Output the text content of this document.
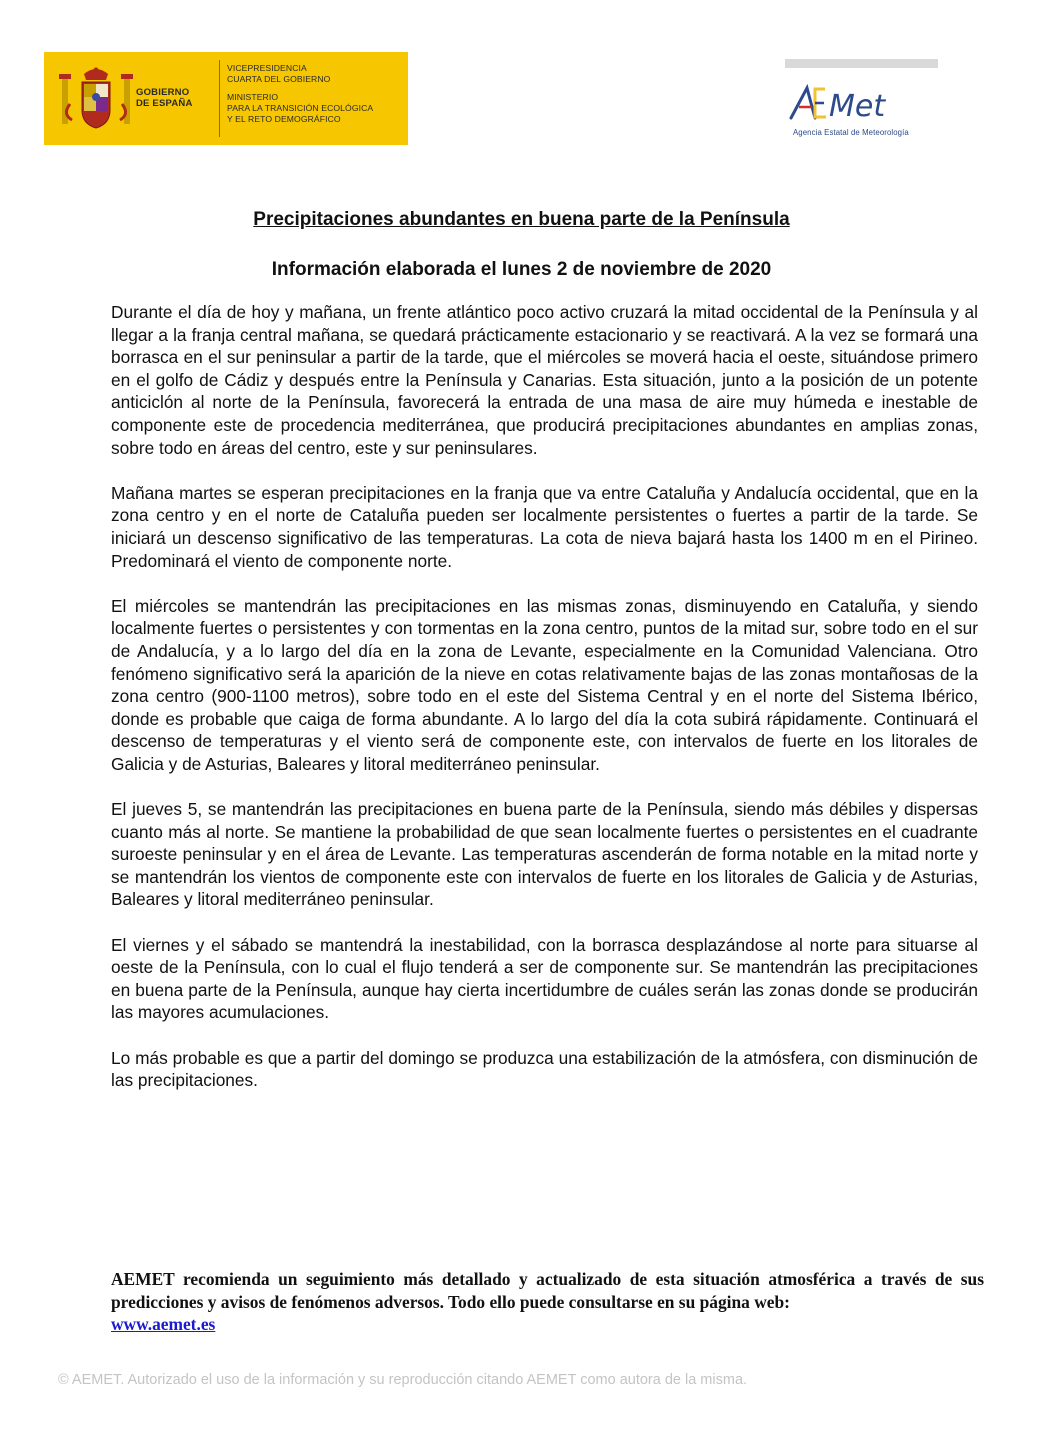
GOBIERNO
DE ESPAÑA
VICEPRESIDENCIA
CUARTA DEL GOBIERNO
MINISTERIO
PARA LA TRANSICIÓN ECOLÓGICA
Y EL RETO DEMOGRÁFICO	Met
Agencia Estatal de Meteorología
Precipitaciones abundantes en buena parte de la Península
Información elaborada el lunes 2 de noviembre de 2020

Durante el día de hoy y mañana, un frente atlántico poco activo cruzará la mitad occidental de la Península y al llegar a la franja central mañana, se quedará prácticamente estacionario y se reactivará. A la vez se formará una borrasca en el sur peninsular a partir de la tarde, que el miércoles se moverá hacia el oeste, situándose primero en el golfo de Cádiz y después entre la Península y Canarias. Esta situación, junto a la posición de un potente anticiclón al norte de la Península, favorecerá la entrada de una masa de aire muy húmeda e inestable de componente este de procedencia mediterránea, que producirá precipitaciones abundantes en amplias zonas, sobre todo en áreas del centro, este y sur peninsulares.

Mañana martes se esperan precipitaciones en la franja que va entre Cataluña y Andalucía occidental, que en la zona centro y en el norte de Cataluña pueden ser localmente persistentes o fuertes a partir de la tarde. Se iniciará un descenso significativo de las temperaturas. La cota de nieva bajará hasta los 1400 m en el Pirineo. Predominará el viento de componente norte.

El miércoles se mantendrán las precipitaciones en las mismas zonas, disminuyendo en Cataluña, y siendo localmente fuertes o persistentes y con tormentas en la zona centro, puntos de la mitad sur, sobre todo en el sur de Andalucía, y a lo largo del día en la zona de Levante, especialmente en la Comunidad Valenciana. Otro fenómeno significativo será la aparición de la nieve en cotas relativamente bajas de las zonas montañosas de la zona centro (900-1100 metros), sobre todo en el este del Sistema Central y en el norte del Sistema Ibérico, donde es probable que caiga de forma abundante. A lo largo del día la cota subirá rápidamente. Continuará el descenso de temperaturas y el viento será de componente este, con intervalos de fuerte en los litorales de Galicia y de Asturias, Baleares y litoral mediterráneo peninsular.

El jueves 5, se mantendrán las precipitaciones en buena parte de la Península, siendo más débiles y dispersas cuanto más al norte. Se mantiene la probabilidad de que sean localmente fuertes o persistentes en el cuadrante suroeste peninsular y en el área de Levante. Las temperaturas ascenderán de forma notable en la mitad norte y se mantendrán los vientos de componente este con intervalos de fuerte en los litorales de Galicia y de Asturias, Baleares y litoral mediterráneo peninsular.

El viernes y el sábado se mantendrá la inestabilidad, con la borrasca desplazándose al norte para situarse al oeste de la Península, con lo cual el flujo tenderá a ser de componente sur. Se mantendrán las precipitaciones en buena parte de la Península, aunque hay cierta incertidumbre de cuáles serán las zonas donde se producirán las mayores acumulaciones.

Lo más probable es que a partir del domingo se produzca una estabilización de la atmósfera, con disminución de las precipitaciones.

AEMET recomienda un seguimiento más detallado y actualizado de esta situación atmosférica a través de sus predicciones y avisos de fenómenos adversos. Todo ello puede consultarse en su página web:
www.aemet.es
© AEMET. Autorizado el uso de la información y su reproducción citando AEMET como autora de la misma.
